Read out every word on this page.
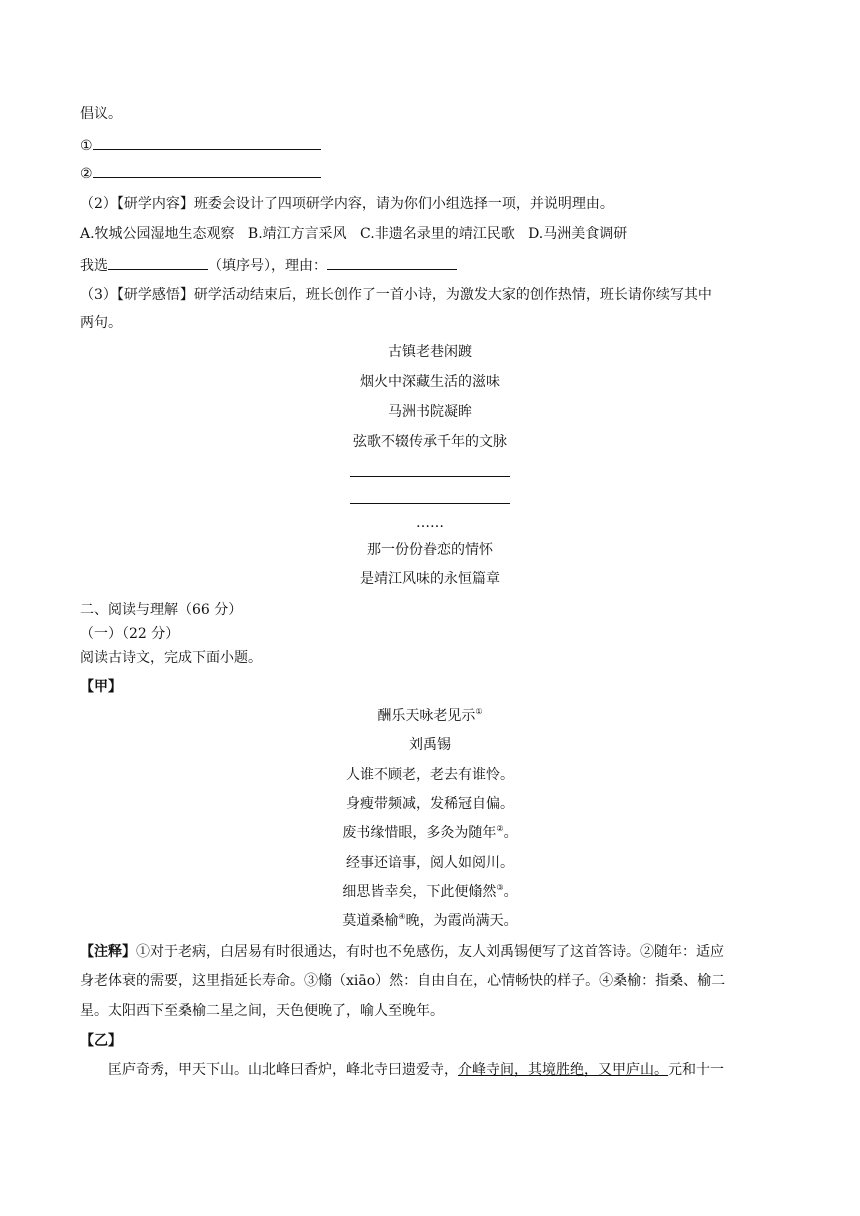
倡议。
①
②
（2）【研学内容】班委会设计了四项研学内容，请为你们小组选择一项，并说明理由。
A.牧城公园湿地生态观察 B.靖江方言采风 C.非遗名录里的靖江民歌 D.马洲美食调研
我选	（填序号），理由：
（3）【研学感悟】研学活动结束后，班长创作了一首小诗，为激发大家的创作热情，班长请你续写其中
两句。
古镇老巷闲踱
烟火中深藏生活的滋味
马洲书院凝眸
弦歌不辍传承千年的文脉
……
那一份份眷恋的情怀
是靖江风味的永恒篇章
二、阅读与理解（66 分）
（一）（22 分）
阅读古诗文，完成下面小题。
【甲】
酬乐天咏老见示①
刘禹锡
人谁不顾老，老去有谁怜。
身瘦带频减，发稀冠自偏。
废书缘惜眼，多灸为随年②。
经事还谙事，阅人如阅川。
细思皆幸矣，下此便翛然③。
莫道桑榆④晚，为霞尚满天。
【注释】①对于老病，白居易有时很通达，有时也不免感伤，友人刘禹锡便写了这首答诗。②随年：适应
身老体衰的需要，这里指延长寿命。③翛（xiāo）然：自由自在，心情畅快的样子。④桑榆：指桑、榆二
星。太阳西下至桑榆二星之间，天色便晚了，喻人至晚年。
【乙】
匡庐奇秀，甲天下山。山北峰曰香炉，峰北寺曰遗爱寺，介峰寺间，其境胜绝，又甲庐山。元和十一
